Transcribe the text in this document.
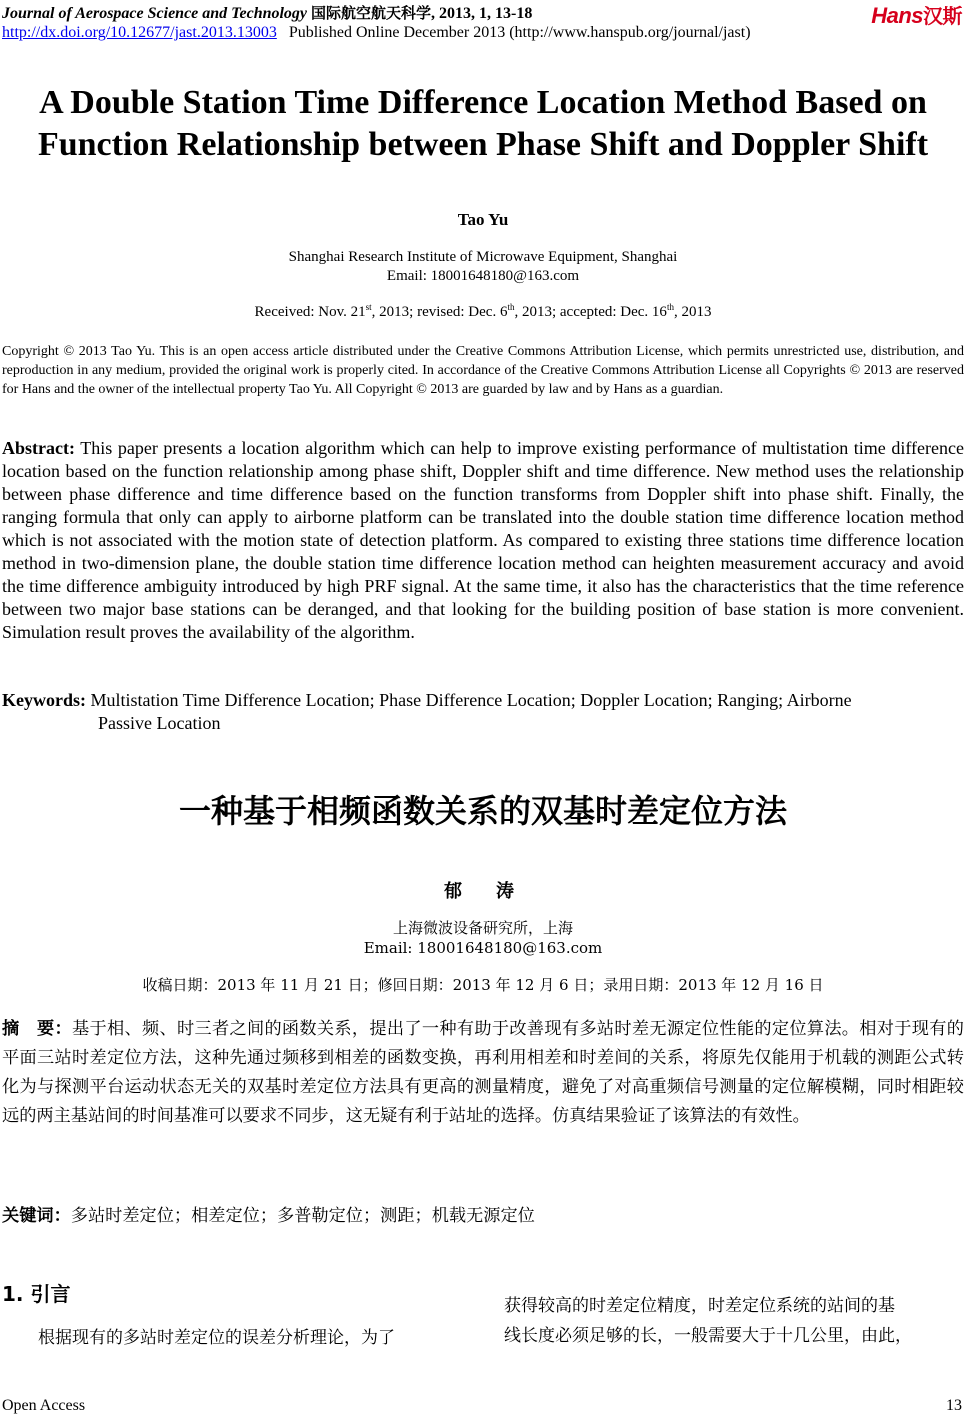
Journal of Aerospace Science and Technology 国际航空航天科学, 2013, 1, 13-18
http://dx.doi.org/10.12677/jast.2013.13003 Published Online December 2013 (http://www.hanspub.org/journal/jast)
Hans汉斯
A Double Station Time Difference Location Method Based on
Function Relationship between Phase Shift and Doppler Shift
Tao Yu
Shanghai Research Institute of Microwave Equipment, Shanghai
Email: 18001648180@163.com
Received: Nov. 21st, 2013; revised: Dec. 6th, 2013; accepted: Dec. 16th, 2013
Copyright © 2013 Tao Yu. This is an open access article distributed under the Creative Commons Attribution License, which permits unrestricted use, distribution, and reproduction in any medium, provided the original work is properly cited. In accordance of the Creative Commons Attribution License all Copyrights © 2013 are reserved for Hans and the owner of the intellectual property Tao Yu. All Copyright © 2013 are guarded by law and by Hans as a guardian.
Abstract: This paper presents a location algorithm which can help to improve existing performance of multistation time difference location based on the function relationship among phase shift, Doppler shift and time difference. New method uses the relationship between phase difference and time difference based on the function transforms from Doppler shift into phase shift. Finally, the ranging formula that only can apply to airborne platform can be translated into the double station time difference location method which is not associated with the motion state of detection platform. As compared to existing three stations time difference location method in two-dimension plane, the double station time difference location method can heighten measurement accuracy and avoid the time difference ambiguity introduced by high PRF signal. At the same time, it also has the characteristics that the time reference between two major base stations can be deranged, and that looking for the building position of base station is more convenient. Simulation result proves the availability of the algorithm.
Keywords: Multistation Time Difference Location; Phase Difference Location; Doppler Location; Ranging; Airborne
Passive Location
一种基于相频函数关系的双基时差定位方法
郁　涛
上海微波设备研究所，上海
Email: 18001648180@163.com
收稿日期：2013 年 11 月 21 日；修回日期：2013 年 12 月 6 日；录用日期：2013 年 12 月 16 日
摘　要：基于相、频、时三者之间的函数关系，提出了一种有助于改善现有多站时差无源定位性能的定位算法。相对于现有的平面三站时差定位方法，这种先通过频移到相差的函数变换，再利用相差和时差间的关系，将原先仅能用于机载的测距公式转化为与探测平台运动状态无关的双基时差定位方法具有更高的测量精度，避免了对高重频信号测量的定位解模糊，同时相距较远的两主基站间的时间基准可以要求不同步，这无疑有利于站址的选择。仿真结果验证了该算法的有效性。
关键词：多站时差定位；相差定位；多普勒定位；测距；机载无源定位
1. 引言

根据现有的多站时差定位的误差分析理论，为了

获得较高的时差定位精度，时差定位系统的站间的基
线长度必须足够的长，一般需要大于十几公里，由此，
Open Access	13
